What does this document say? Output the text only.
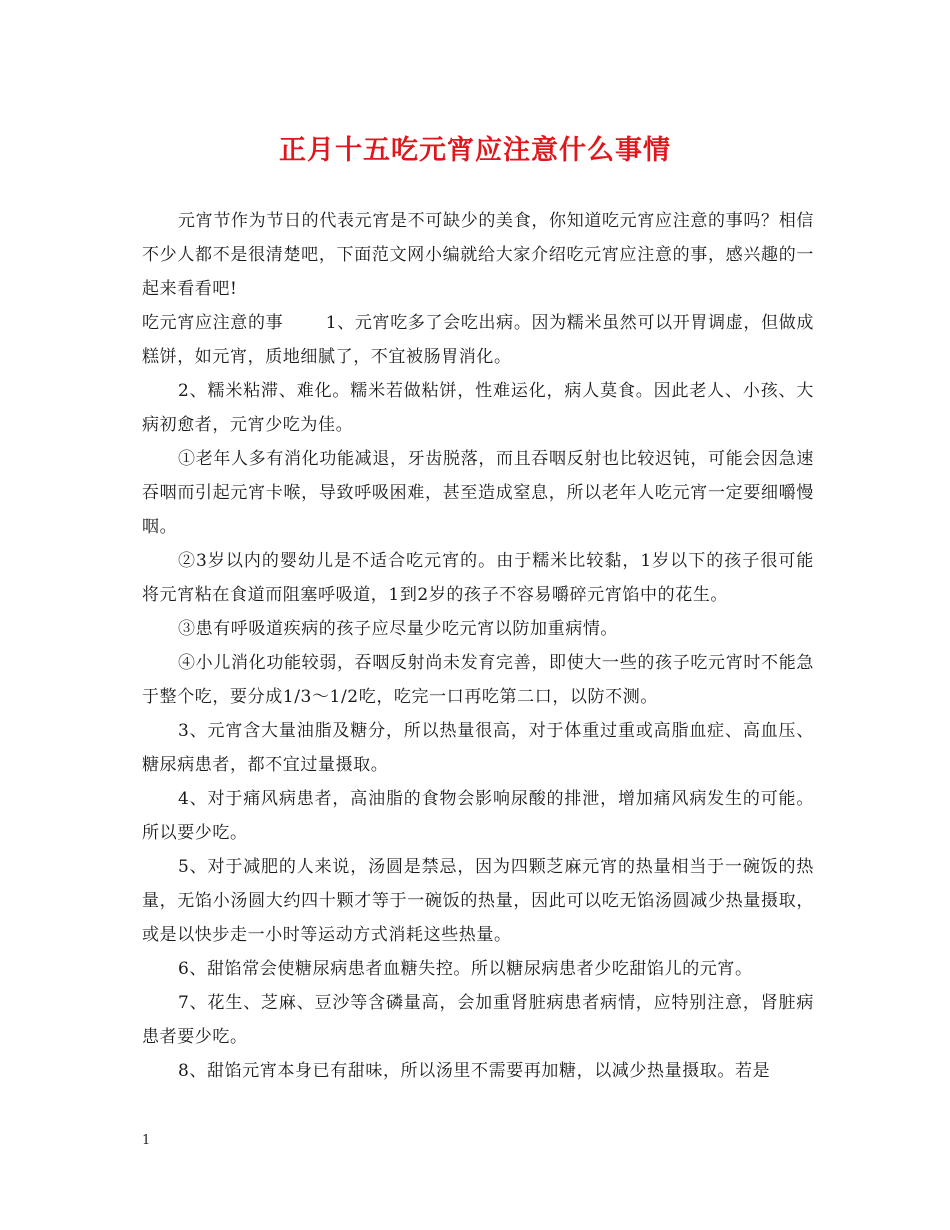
正月十五吃元宵应注意什么事情

元宵节作为节日的代表元宵是不可缺少的美食，你知道吃元宵应注意的事吗？相信不少人都不是很清楚吧，下面范文网小编就给大家介绍吃元宵应注意的事，感兴趣的一起来看看吧!

吃元宵应注意的事 1、元宵吃多了会吃出病。因为糯米虽然可以开胃调虚，但做成糕饼，如元宵，质地细腻了，不宜被肠胃消化。

2、糯米粘滞、难化。糯米若做粘饼，性难运化，病人莫食。因此老人、小孩、大病初愈者，元宵少吃为佳。

①老年人多有消化功能减退，牙齿脱落，而且吞咽反射也比较迟钝，可能会因急速吞咽而引起元宵卡喉，导致呼吸困难，甚至造成窒息，所以老年人吃元宵一定要细嚼慢咽。

②3岁以内的婴幼儿是不适合吃元宵的。由于糯米比较黏，1岁以下的孩子很可能将元宵粘在食道而阻塞呼吸道，1到2岁的孩子不容易嚼碎元宵馅中的花生。

③患有呼吸道疾病的孩子应尽量少吃元宵以防加重病情。

④小儿消化功能较弱，吞咽反射尚未发育完善，即使大一些的孩子吃元宵时不能急于整个吃，要分成1/3～1/2吃，吃完一口再吃第二口，以防不测。

3、元宵含大量油脂及糖分，所以热量很高，对于体重过重或高脂血症、高血压、糖尿病患者，都不宜过量摄取。

4、对于痛风病患者，高油脂的食物会影响尿酸的排泄，增加痛风病发生的可能。所以要少吃。

5、对于减肥的人来说，汤圆是禁忌，因为四颗芝麻元宵的热量相当于一碗饭的热量，无馅小汤圆大约四十颗才等于一碗饭的热量，因此可以吃无馅汤圆减少热量摄取，或是以快步走一小时等运动方式消耗这些热量。

6、甜馅常会使糖尿病患者血糖失控。所以糖尿病患者少吃甜馅儿的元宵。

7、花生、芝麻、豆沙等含磷量高，会加重肾脏病患者病情，应特别注意，肾脏病患者要少吃。

8、甜馅元宵本身已有甜味，所以汤里不需要再加糖，以减少热量摄取。若是

1
